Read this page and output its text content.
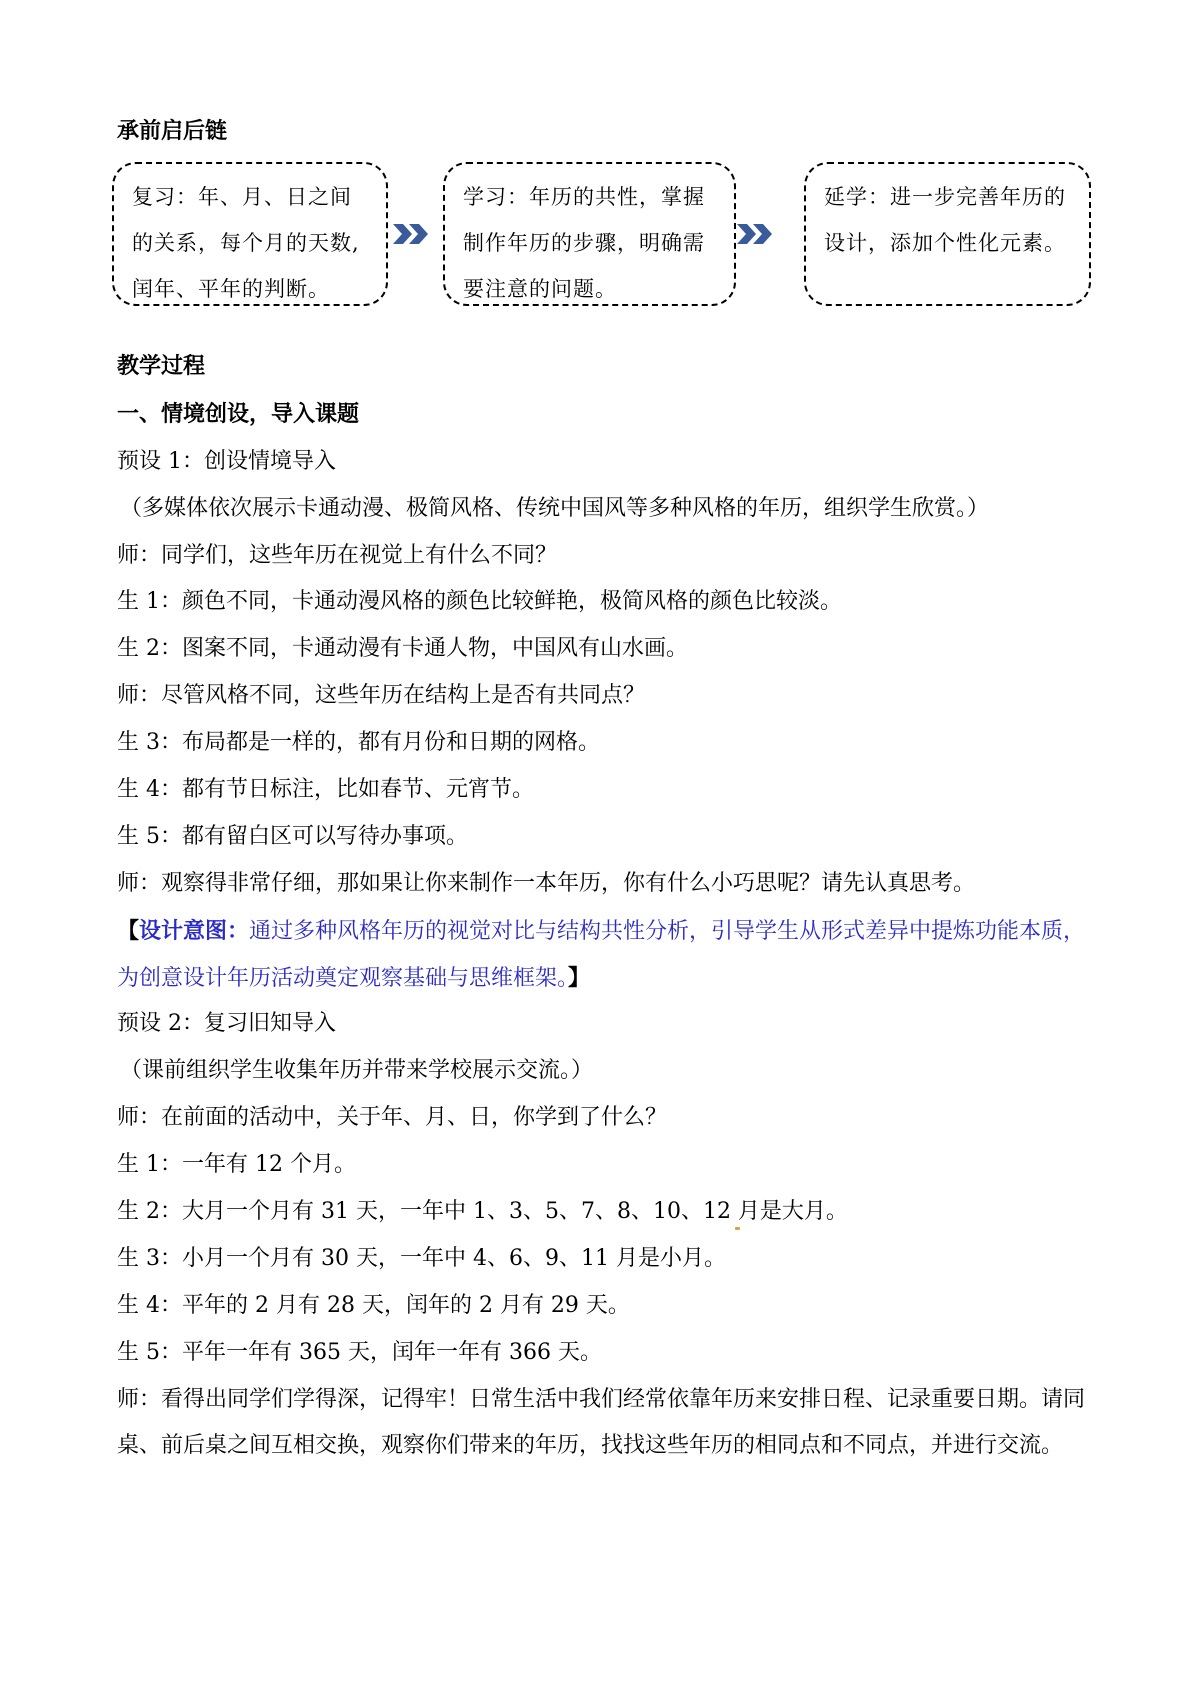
承前启后链
复习：年、月、日之间的关系，每个月的天数,闰年、平年的判断。
学习：年历的共性，掌握制作年历的步骤，明确需要注意的问题。
延学：进一步完善年历的设计，添加个性化元素。
教学过程
一、情境创设，导入课题
预设 1：创设情境导入
（多媒体依次展示卡通动漫、极简风格、传统中国风等多种风格的年历，组织学生欣赏。）
师：同学们，这些年历在视觉上有什么不同？
生 1：颜色不同，卡通动漫风格的颜色比较鲜艳，极简风格的颜色比较淡。
生 2：图案不同，卡通动漫有卡通人物，中国风有山水画。
师：尽管风格不同，这些年历在结构上是否有共同点？
生 3：布局都是一样的，都有月份和日期的网格。
生 4：都有节日标注，比如春节、元宵节。
生 5：都有留白区可以写待办事项。
师：观察得非常仔细，那如果让你来制作一本年历，你有什么小巧思呢？请先认真思考。
【设计意图：通过多种风格年历的视觉对比与结构共性分析，引导学生从形式差异中提炼功能本质，为创意设计年历活动奠定观察基础与思维框架。】
预设 2：复习旧知导入
（课前组织学生收集年历并带来学校展示交流。）
师：在前面的活动中，关于年、月、日，你学到了什么？
生 1：一年有 12 个月。
生 2：大月一个月有 31 天，一年中 1、3、5、7、8、10、12 月是大月。
生 3：小月一个月有 30 天，一年中 4、6、9、11 月是小月。
生 4：平年的 2 月有 28 天，闰年的 2 月有 29 天。
生 5：平年一年有 365 天，闰年一年有 366 天。
师：看得出同学们学得深，记得牢！日常生活中我们经常依靠年历来安排日程、记录重要日期。请同桌、前后桌之间互相交换，观察你们带来的年历，找找这些年历的相同点和不同点，并进行交流。
